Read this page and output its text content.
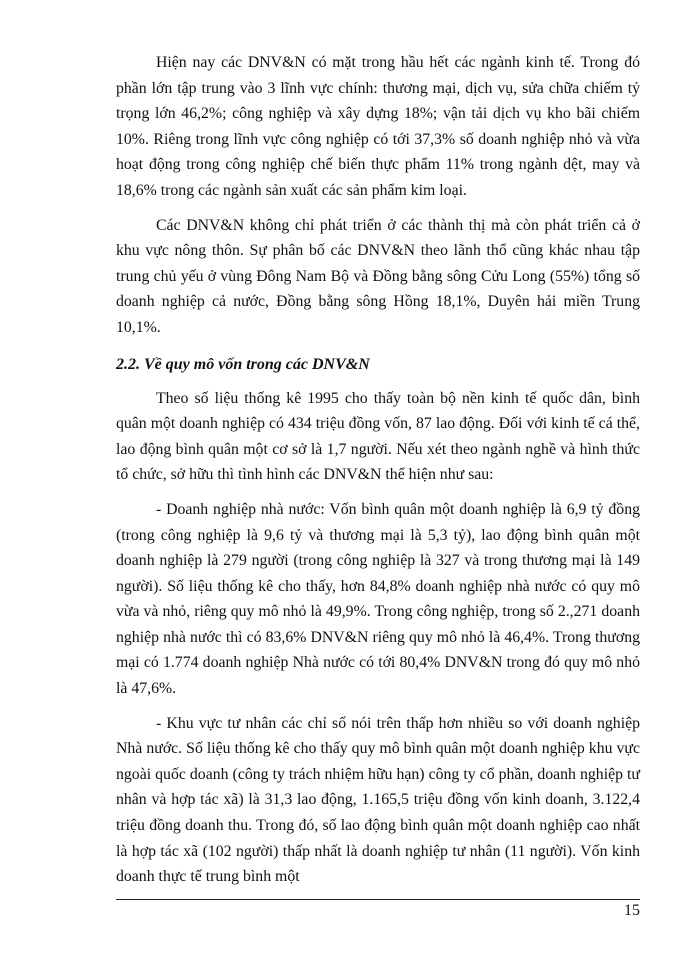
Hiện nay các DNV&N có mặt trong hầu hết các ngành kinh tế. Trong đó phần lớn tập trung vào 3 lĩnh vực chính: thương mại, dịch vụ, sửa chữa chiếm tỷ trọng lớn 46,2%; công nghiệp và xây dựng 18%; vận tải dịch vụ kho bãi chiếm 10%. Riêng trong lĩnh vực công nghiệp có tới 37,3% số doanh nghiệp nhỏ và vừa hoạt động trong công nghiệp chế biến thực phẩm 11% trong ngành dệt, may và 18,6% trong các ngành sản xuất các sản phẩm kim loại.

Các DNV&N không chỉ phát triển ở các thành thị mà còn phát triển cả ở khu vực nông thôn. Sự phân bố các DNV&N theo lãnh thổ cũng khác nhau tập trung chủ yếu ở vùng Đông Nam Bộ và Đồng bằng sông Cửu Long (55%) tổng số doanh nghiệp cả nước, Đồng bằng sông Hồng 18,1%, Duyên hải miền Trung 10,1%.

2.2. Về quy mô vốn trong các DNV&N

Theo số liệu thống kê 1995 cho thấy toàn bộ nền kinh tế quốc dân, bình quân một doanh nghiệp có 434 triệu đồng vốn, 87 lao động. Đối với kinh tế cá thể, lao động bình quân một cơ sở là 1,7 người. Nếu xét theo ngành nghề và hình thức tổ chức, sở hữu thì tình hình các DNV&N thể hiện như sau:

- Doanh nghiệp nhà nước: Vốn bình quân một doanh nghiệp là 6,9 tỷ đồng (trong công nghiệp là 9,6 tỷ và thương mại là 5,3 tỷ), lao động bình quân một doanh nghiệp là 279 người (trong công nghiệp là 327 và trong thương mại là 149 người). Số liệu thống kê cho thấy, hơn 84,8% doanh nghiệp nhà nước có quy mô vừa và nhỏ, riêng quy mô nhỏ là 49,9%. Trong công nghiệp, trong số 2.,271 doanh nghiệp nhà nước thì có 83,6% DNV&N riêng quy mô nhỏ là 46,4%. Trong thương mại có 1.774 doanh nghiệp Nhà nước có tới 80,4% DNV&N trong đó quy mô nhỏ là 47,6%.

- Khu vực tư nhân các chỉ số nói trên thấp hơn nhiều so với doanh nghiệp Nhà nước. Số liệu thống kê cho thấy quy mô bình quân một doanh nghiệp khu vực ngoài quốc doanh (công ty trách nhiệm hữu hạn) công ty cổ phần, doanh nghiệp tư nhân và hợp tác xã) là 31,3 lao động, 1.165,5 triệu đồng vốn kinh doanh, 3.122,4 triệu đồng doanh thu. Trong đó, số lao động bình quân một doanh nghiệp cao nhất là hợp tác xã (102 người) thấp nhất là doanh nghiệp tư nhân (11 người). Vốn kinh doanh thực tế trung bình một

15
